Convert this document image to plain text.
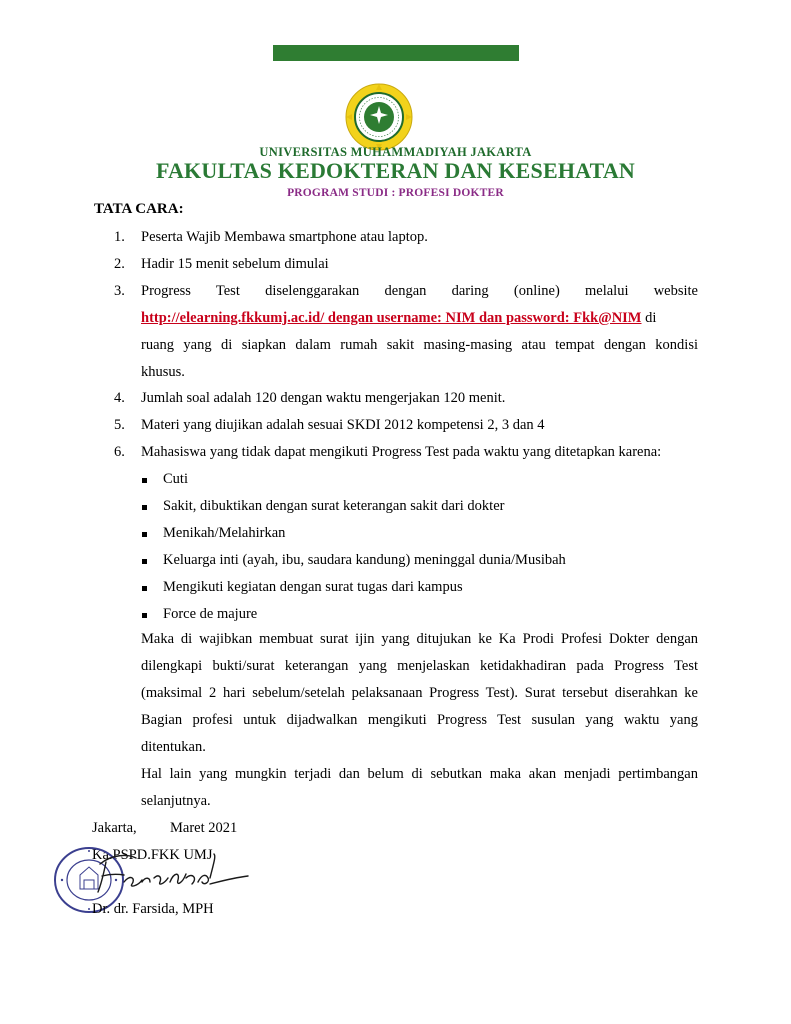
UNIVERSITAS MUHAMMADIYAH JAKARTA
FAKULTAS KEDOKTERAN DAN KESEHATAN
PROGRAM STUDI : PROFESI DOKTER
TATA CARA:
1. Peserta Wajib Membawa smartphone atau laptop.
2. Hadir 15 menit sebelum dimulai
3. Progress Test diselenggarakan dengan daring (online) melalui website
http://elearning.fkkumj.ac.id/ dengan username: NIM dan password: Fkk@NIM di
ruang yang di siapkan dalam rumah sakit masing-masing atau tempat dengan kondisi
khusus.
4. Jumlah soal adalah 120 dengan waktu mengerjakan 120 menit.
5. Materi yang diujikan adalah sesuai SKDI 2012 kompetensi 2, 3 dan 4
6. Mahasiswa yang tidak dapat mengikuti Progress Test pada waktu yang ditetapkan karena:
Cuti
Sakit, dibuktikan dengan surat keterangan sakit dari dokter
Menikah/Melahirkan
Keluarga inti (ayah, ibu, saudara kandung) meninggal dunia/Musibah
Mengikuti kegiatan dengan surat tugas dari kampus
Force de majure
Maka di wajibkan membuat surat ijin yang ditujukan ke Ka Prodi Profesi Dokter dengan
dilengkapi bukti/surat keterangan yang menjelaskan ketidakhadiran pada Progress Test
(maksimal 2 hari sebelum/setelah pelaksanaan Progress Test). Surat tersebut diserahkan ke
Bagian profesi untuk dijadwalkan mengikuti Progress Test susulan yang waktu yang
ditentukan.
Hal lain yang mungkin terjadi dan belum di sebutkan maka akan menjadi pertimbangan
selanjutnya.
Jakarta, Maret 2021
Ka.PSPD.FKK UMJ
Dr. dr. Farsida, MPH
